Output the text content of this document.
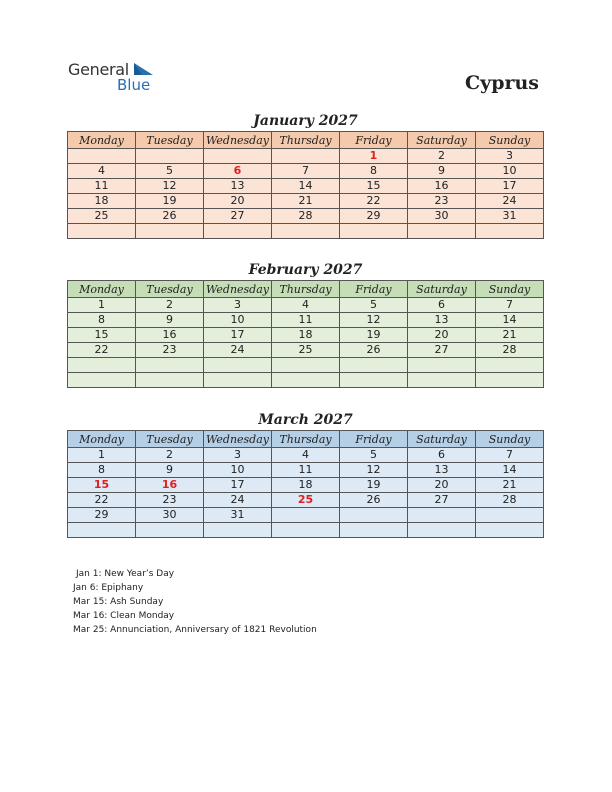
General
Blue	Cyprus
January 2027
Monday	Tuesday	Wednesday	Thursday	Friday	Saturday	Sunday
				1	2	3
4	5	6	7	8	9	10
11	12	13	14	15	16	17
18	19	20	21	22	23	24
25	26	27	28	29	30	31

February 2027
Monday	Tuesday	Wednesday	Thursday	Friday	Saturday	Sunday
1	2	3	4	5	6	7
8	9	10	11	12	13	14
15	16	17	18	19	20	21
22	23	24	25	26	27	28

March 2027
Monday	Tuesday	Wednesday	Thursday	Friday	Saturday	Sunday
1	2	3	4	5	6	7
8	9	10	11	12	13	14
15	16	17	18	19	20	21
22	23	24	25	26	27	28
29	30	31				

Jan 1: New Year’s Day
Jan 6: Epiphany
Mar 15: Ash Sunday
Mar 16: Clean Monday
Mar 25: Annunciation, Anniversary of 1821 Revolution
